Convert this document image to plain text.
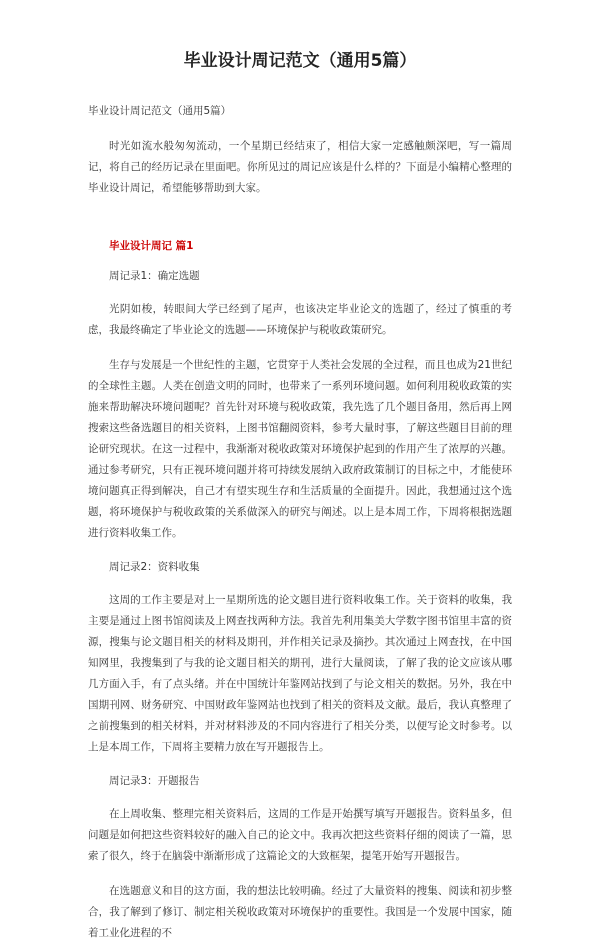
毕业设计周记范文（通用5篇）
毕业设计周记范文（通用5篇）

时光如流水般匆匆流动，一个星期已经结束了，相信大家一定感触颇深吧，写一篇周记，将自己的经历记录在里面吧。你所见过的周记应该是什么样的？下面是小编精心整理的毕业设计周记，希望能够帮助到大家。

毕业设计周记 篇1
周记录1：确定选题

光阴如梭，转眼间大学已经到了尾声，也该决定毕业论文的选题了，经过了慎重的考虑，我最终确定了毕业论文的选题——环境保护与税收政策研究。

生存与发展是一个世纪性的主题，它贯穿于人类社会发展的全过程，而且也成为21世纪的全球性主题。人类在创造文明的同时，也带来了一系列环境问题。如何利用税收政策的实施来帮助解决环境问题呢？首先针对环境与税收政策，我先选了几个题目备用，然后再上网搜索这些备选题目的相关资料，上图书馆翻阅资料，参考大量时事，了解这些题目目前的理论研究现状。在这一过程中，我渐渐对税收政策对环境保护起到的作用产生了浓厚的兴趣。通过参考研究，只有正视环境问题并将可持续发展纳入政府政策制订的目标之中，才能使环境问题真正得到解决，自己才有望实现生存和生活质量的全面提升。因此，我想通过这个选题，将环境保护与税收政策的关系做深入的研究与阐述。以上是本周工作，下周将根据选题进行资料收集工作。

周记录2：资料收集

这周的工作主要是对上一星期所选的论文题目进行资料收集工作。关于资料的收集，我主要是通过上图书馆阅读及上网查找两种方法。我首先利用集美大学数字图书馆里丰富的资源，搜集与论文题目相关的材料及期刊，并作相关记录及摘抄。其次通过上网查找，在中国知网里，我搜集到了与我的论文题目相关的期刊，进行大量阅读，了解了我的论文应该从哪几方面入手，有了点头绪。并在中国统计年鉴网站找到了与论文相关的数据。另外，我在中国期刊网、财务研究、中国财政年鉴网站也找到了相关的资料及文献。最后，我认真整理了之前搜集到的相关材料，并对材料涉及的不同内容进行了相关分类，以便写论文时参考。以上是本周工作，下周将主要精力放在写开题报告上。

周记录3：开题报告

在上周收集、整理完相关资料后，这周的工作是开始撰写填写开题报告。资料虽多，但问题是如何把这些资料较好的融入自己的论文中。我再次把这些资料仔细的阅读了一篇，思索了很久，终于在脑袋中渐渐形成了这篇论文的大致框架，提笔开始写开题报告。

在选题意义和目的这方面，我的想法比较明确。经过了大量资料的搜集、阅读和初步整合，我了解到了修订、制定相关税收政策对环境保护的重要性。我国是一个发展中国家，随着工业化进程的不
